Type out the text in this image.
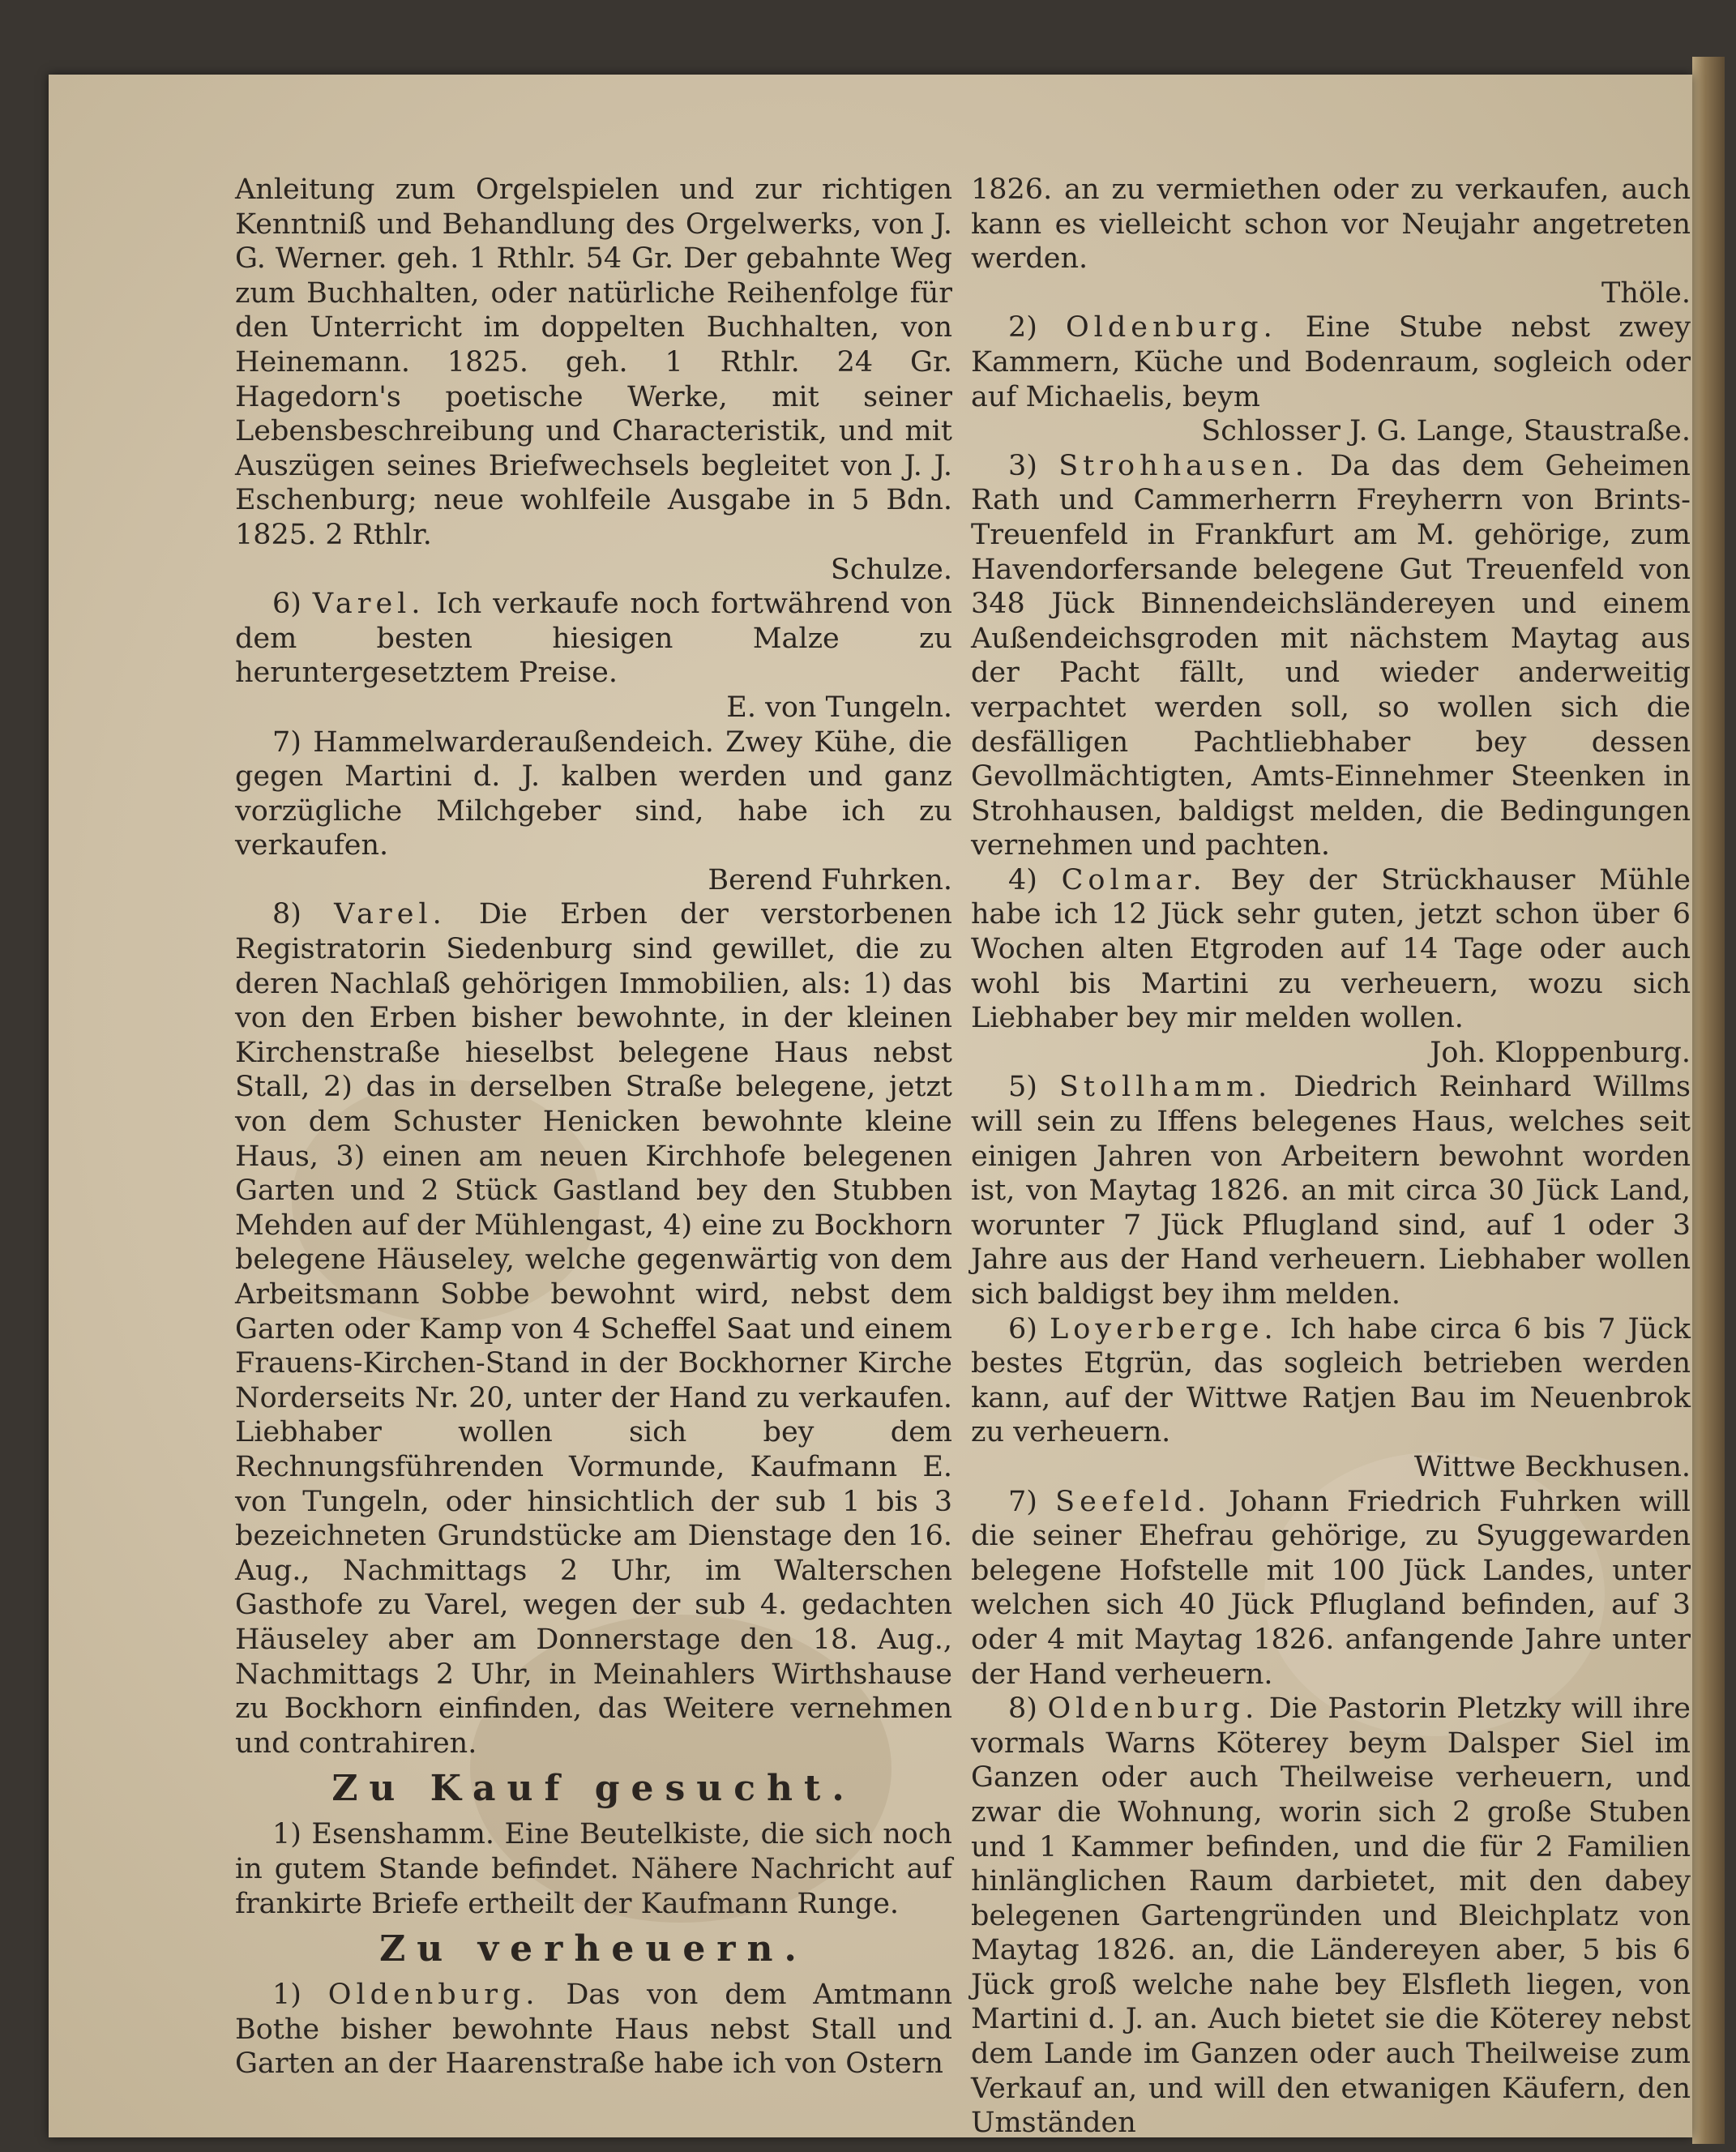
Anleitung zum Orgelspielen und zur richtigen Kenntniß und Behandlung des Orgelwerks, von J. G. Werner. geh. 1 Rthlr. 54 Gr. Der gebahnte Weg zum Buchhalten, oder natürliche Reihenfolge für den Unterricht im doppelten Buchhalten, von Heinemann. 1825. geh. 1 Rthlr. 24 Gr. Hagedorn's poetische Werke, mit seiner Lebensbeschreibung und Characteristik, und mit Auszügen seines Briefwechsels begleitet von J. J. Eschenburg; neue wohlfeile Ausgabe in 5 Bdn. 1825. 2 Rthlr.

Schulze.

6) Varel. Ich verkaufe noch fortwährend von dem besten hiesigen Malze zu heruntergesetztem Preise.

E. von Tungeln.

7) Hammelwarderaußendeich. Zwey Kühe, die gegen Martini d. J. kalben werden und ganz vorzügliche Milchgeber sind, habe ich zu verkaufen.

Berend Fuhrken.

8) Varel. Die Erben der verstorbenen Registratorin Siedenburg sind gewillet, die zu deren Nachlaß gehörigen Immobilien, als: 1) das von den Erben bisher bewohnte, in der kleinen Kirchenstraße hieselbst belegene Haus nebst Stall, 2) das in derselben Straße belegene, jetzt von dem Schuster Henicken bewohnte kleine Haus, 3) einen am neuen Kirchhofe belegenen Garten und 2 Stück Gastland bey den Stubben Mehden auf der Mühlengast, 4) eine zu Bockhorn belegene Häuseley, welche gegenwärtig von dem Arbeitsmann Sobbe bewohnt wird, nebst dem Garten oder Kamp von 4 Scheffel Saat und einem Frauens-Kirchen-Stand in der Bockhorner Kirche Norderseits Nr. 20, unter der Hand zu verkaufen. Liebhaber wollen sich bey dem Rechnungsführenden Vormunde, Kaufmann E. von Tungeln, oder hinsichtlich der sub 1 bis 3 bezeichneten Grundstücke am Dienstage den 16. Aug., Nachmittags 2 Uhr, im Walterschen Gasthofe zu Varel, wegen der sub 4. gedachten Häuseley aber am Donnerstage den 18. Aug., Nachmittags 2 Uhr, in Meinahlers Wirthshause zu Bockhorn einfinden, das Weitere vernehmen und contrahiren.

Zu Kauf gesucht.

1) Esenshamm. Eine Beutelkiste, die sich noch in gutem Stande befindet. Nähere Nachricht auf frankirte Briefe ertheilt der Kaufmann Runge.

Zu verheuern.

1) Oldenburg. Das von dem Amtmann Bothe bisher bewohnte Haus nebst Stall und Garten an der Haarenstraße habe ich von Ostern

1826. an zu vermiethen oder zu verkaufen, auch kann es vielleicht schon vor Neujahr angetreten werden.

Thöle.

2) Oldenburg. Eine Stube nebst zwey Kammern, Küche und Bodenraum, sogleich oder auf Michaelis, beym

Schlosser J. G. Lange, Staustraße.

3) Strohhausen. Da das dem Geheimen Rath und Cammerherrn Freyherrn von Brints-Treuenfeld in Frankfurt am M. gehörige, zum Havendorfersande belegene Gut Treuenfeld von 348 Jück Binnendeichsländereyen und einem Außendeichsgroden mit nächstem Maytag aus der Pacht fällt, und wieder anderweitig verpachtet werden soll, so wollen sich die desfälligen Pachtliebhaber bey dessen Gevollmächtigten, Amts-Einnehmer Steenken in Strohhausen, baldigst melden, die Bedingungen vernehmen und pachten.

4) Colmar. Bey der Strückhauser Mühle habe ich 12 Jück sehr guten, jetzt schon über 6 Wochen alten Etgroden auf 14 Tage oder auch wohl bis Martini zu verheuern, wozu sich Liebhaber bey mir melden wollen.

Joh. Kloppenburg.

5) Stollhamm. Diedrich Reinhard Willms will sein zu Iffens belegenes Haus, welches seit einigen Jahren von Arbeitern bewohnt worden ist, von Maytag 1826. an mit circa 30 Jück Land, worunter 7 Jück Pflugland sind, auf 1 oder 3 Jahre aus der Hand verheuern. Liebhaber wollen sich baldigst bey ihm melden.

6) Loyerberge. Ich habe circa 6 bis 7 Jück bestes Etgrün, das sogleich betrieben werden kann, auf der Wittwe Ratjen Bau im Neuenbrok zu verheuern.

Wittwe Beckhusen.

7) Seefeld. Johann Friedrich Fuhrken will die seiner Ehefrau gehörige, zu Syuggewarden belegene Hofstelle mit 100 Jück Landes, unter welchen sich 40 Jück Pflugland befinden, auf 3 oder 4 mit Maytag 1826. anfangende Jahre unter der Hand verheuern.

8) Oldenburg. Die Pastorin Pletzky will ihre vormals Warns Köterey beym Dalsper Siel im Ganzen oder auch Theilweise verheuern, und zwar die Wohnung, worin sich 2 große Stuben und 1 Kammer befinden, und die für 2 Familien hinlänglichen Raum darbietet, mit den dabey belegenen Gartengründen und Bleichplatz von Maytag 1826. an, die Ländereyen aber, 5 bis 6 Jück groß welche nahe bey Elsfleth liegen, von Martini d. J. an. Auch bietet sie die Köterey nebst dem Lande im Ganzen oder auch Theilweise zum Verkauf an, und will den etwanigen Käufern, den Umständen
